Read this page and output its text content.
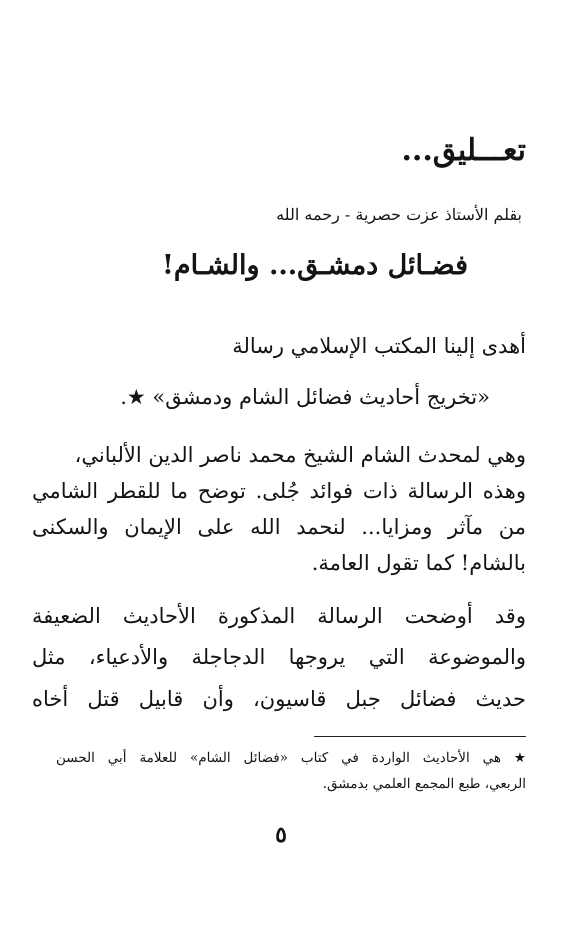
تعـــليق...
بقلم الأستاذ عزت حصرية - رحمه الله
فضـائل دمشـق... والشـام!
أهدى إلينا المكتب الإسلامي رسالة
«تخريج أحاديث فضائل الشام ودمشق» ★.
وهي لمحدث الشام الشيخ محمد ناصر الدين الألباني،
وهذه الرسالة ذات فوائد جُلى. توضح ما للقطر الشامي
من مآثر ومزايا... لنحمد الله على الإيمان والسكنى
بالشام! كما تقول العامة.
وقد أوضحت الرسالة المذكورة الأحاديث الضعيفة
والموضوعة التي يروجها الدجاجلة والأدعياء، مثل
حديث فضائل جبل قاسيون، وأن قابيل قتل أخاه
★ هي الأحاديث الواردة في كتاب «فضائل الشام» للعلامة أبي الحسن
الربعي، طبع المجمع العلمي بدمشق.
٥
